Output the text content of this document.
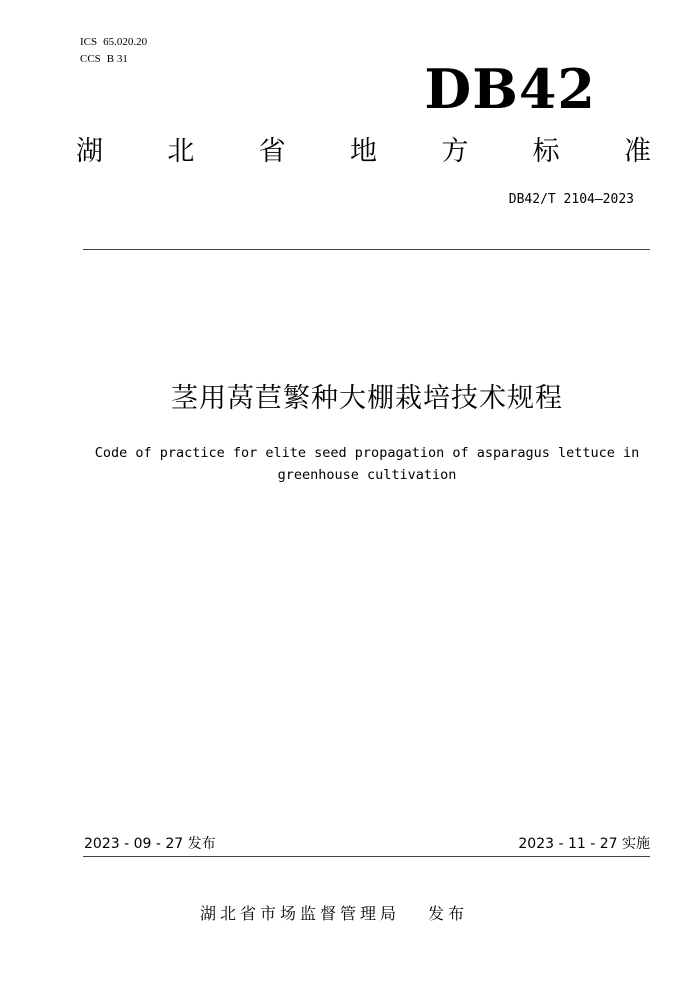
ICS 65.020.20
CCS B 31	DB42
湖 北 省 地 方 标 准
DB42/T 2104—2023
茎用莴苣繁种大棚栽培技术规程
Code of practice for elite seed propagation of asparagus lettuce in
greenhouse cultivation
2023 - 09 - 27 发布	2023 - 11 - 27 实施
湖北省市场监督管理局 发布
